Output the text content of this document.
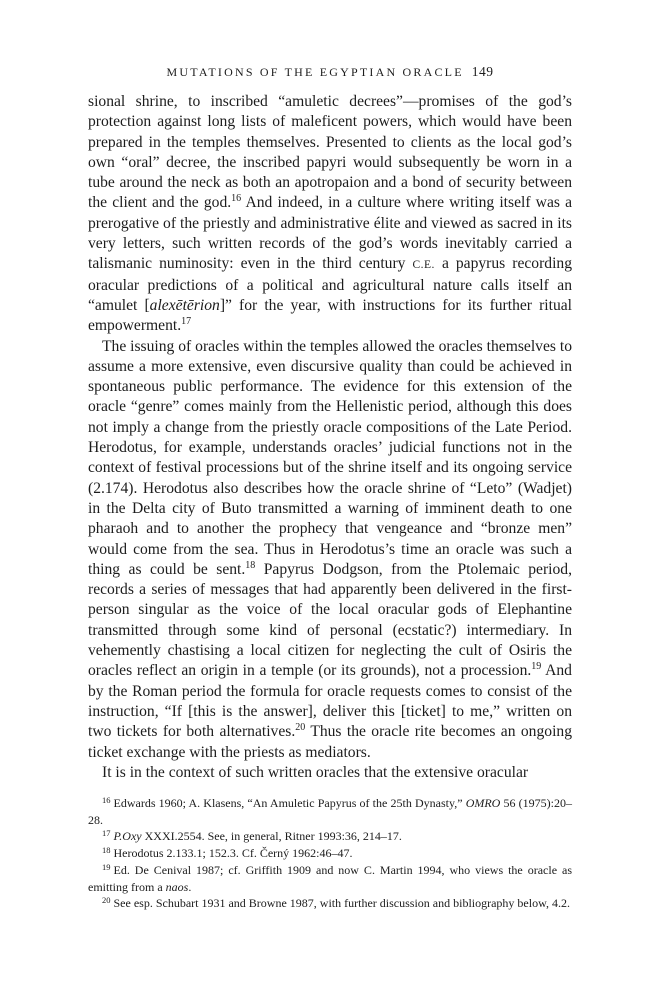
MUTATIONS OF THE EGYPTIAN ORACLE 149

sional shrine, to inscribed “amuletic decrees”—promises of the god’s protection against long lists of maleficent powers, which would have been prepared in the temples themselves. Presented to clients as the local god’s own “oral” decree, the inscribed papyri would subsequently be worn in a tube around the neck as both an apotropaion and a bond of security between the client and the god.$^{16}$ And indeed, in a culture where writing itself was a prerogative of the priestly and administrative élite and viewed as sacred in its very letters, such written records of the god’s words inevitably carried a talismanic numinosity: even in the third century C.E. a papyrus recording oracular predictions of a political and agricultural nature calls itself an “amulet [alexētērion]” for the year, with instructions for its further ritual empowerment.$^{17}$

The issuing of oracles within the temples allowed the oracles themselves to assume a more extensive, even discursive quality than could be achieved in spontaneous public performance. The evidence for this extension of the oracle “genre” comes mainly from the Hellenistic period, although this does not imply a change from the priestly oracle compositions of the Late Period. Herodotus, for example, understands oracles’ judicial functions not in the context of festival processions but of the shrine itself and its ongoing service (2.174). Herodotus also describes how the oracle shrine of “Leto” (Wadjet) in the Delta city of Buto transmitted a warning of imminent death to one pharaoh and to another the prophecy that vengeance and “bronze men” would come from the sea. Thus in Herodotus’s time an oracle was such a thing as could be sent.$^{18}$ Papyrus Dodgson, from the Ptolemaic period, records a series of messages that had apparently been delivered in the first-person singular as the voice of the local oracular gods of Elephantine transmitted through some kind of personal (ecstatic?) intermediary. In vehemently chastising a local citizen for neglecting the cult of Osiris the oracles reflect an origin in a temple (or its grounds), not a procession.$^{19}$ And by the Roman period the formula for oracle requests comes to consist of the instruction, “If [this is the answer], deliver this [ticket] to me,” written on two tickets for both alternatives.$^{20}$ Thus the oracle rite becomes an ongoing ticket exchange with the priests as mediators.

It is in the context of such written oracles that the extensive oracular

$^{16}$ Edwards 1960; A. Klasens, “An Amuletic Papyrus of the 25th Dynasty,” OMRO 56 (1975):20–28.

$^{17}$ P.Oxy XXXI.2554. See, in general, Ritner 1993:36, 214–17.

$^{18}$ Herodotus 2.133.1; 152.3. Cf. Černý 1962:46–47.

$^{19}$ Ed. De Cenival 1987; cf. Griffith 1909 and now C. Martin 1994, who views the oracle as emitting from a naos.

$^{20}$ See esp. Schubart 1931 and Browne 1987, with further discussion and bibliography below, 4.2.
